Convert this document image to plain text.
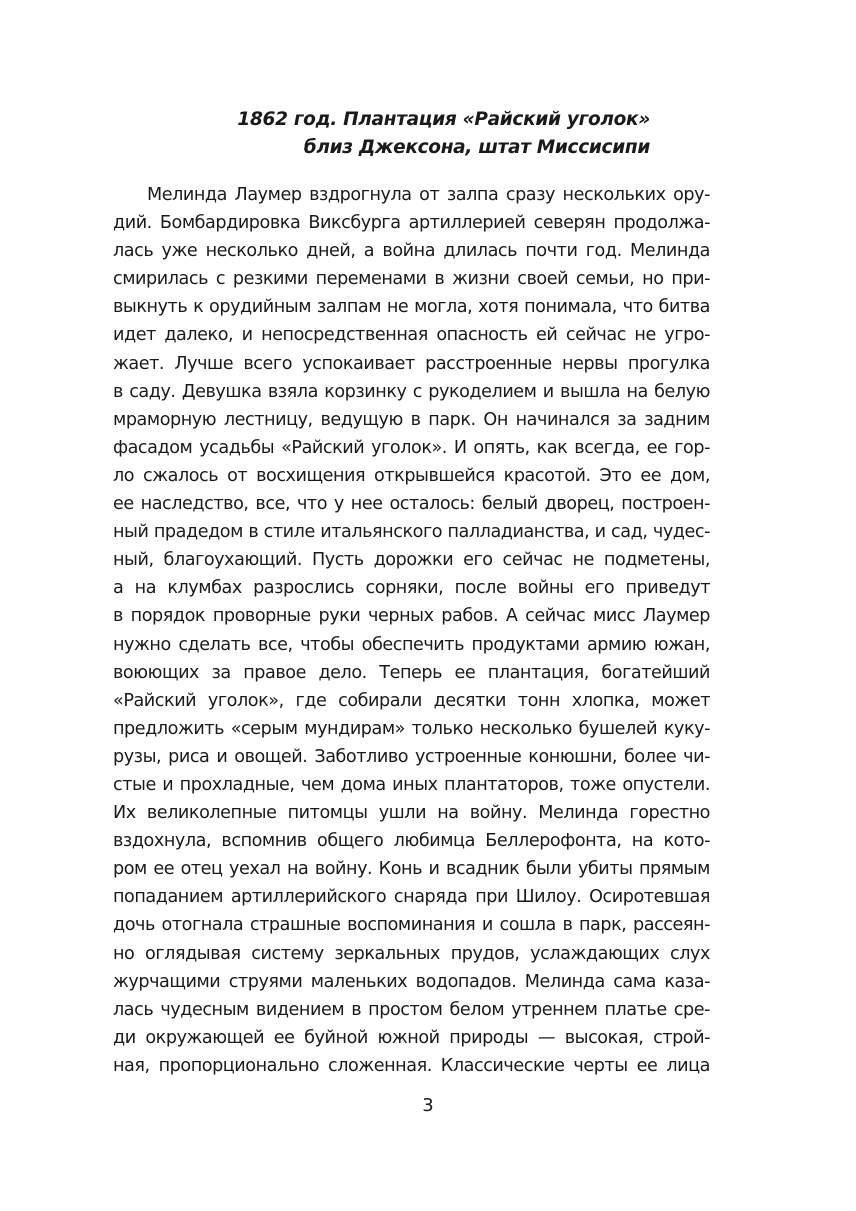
1862 год. Плантация «Райский уголок»
близ Джексона, штат Миссисипи
Мелинда Лаумер вздрогнула от залпа сразу нескольких ору-
дий. Бомбардировка Виксбурга артиллерией северян продолжа-
лась уже несколько дней, а война длилась почти год. Мелинда
смирилась с резкими переменами в жизни своей семьи, но при-
выкнуть к орудийным залпам не могла, хотя понимала, что битва
идет далеко, и непосредственная опасность ей сейчас не угро-
жает. Лучше всего успокаивает расстроенные нервы прогулка
в саду. Девушка взяла корзинку с рукоделием и вышла на белую
мраморную лестницу, ведущую в парк. Он начинался за задним
фасадом усадьбы «Райский уголок». И опять, как всегда, ее гор-
ло сжалось от восхищения открывшейся красотой. Это ее дом,
ее наследство, все, что у нее осталось: белый дворец, построен-
ный прадедом в стиле итальянского палладианства, и сад, чудес-
ный, благоухающий. Пусть дорожки его сейчас не подметены,
а на клумбах разрослись сорняки, после войны его приведут
в порядок проворные руки черных рабов. А сейчас мисс Лаумер
нужно сделать все, чтобы обеспечить продуктами армию южан,
воюющих за правое дело. Теперь ее плантация, богатейший
«Райский уголок», где собирали десятки тонн хлопка, может
предложить «серым мундирам» только несколько бушелей куку-
рузы, риса и овощей. Заботливо устроенные конюшни, более чи-
стые и прохладные, чем дома иных плантаторов, тоже опустели.
Их великолепные питомцы ушли на войну. Мелинда горестно
вздохнула, вспомнив общего любимца Беллерофонта, на кото-
ром ее отец уехал на войну. Конь и всадник были убиты прямым
попаданием артиллерийского снаряда при Шилоу. Осиротевшая
дочь отогнала страшные воспоминания и сошла в парк, рассеян-
но оглядывая систему зеркальных прудов, услаждающих слух
журчащими струями маленьких водопадов. Мелинда сама каза-
лась чудесным видением в простом белом утреннем платье сре-
ди окружающей ее буйной южной природы — высокая, строй-
ная, пропорционально сложенная. Классические черты ее лица
3
